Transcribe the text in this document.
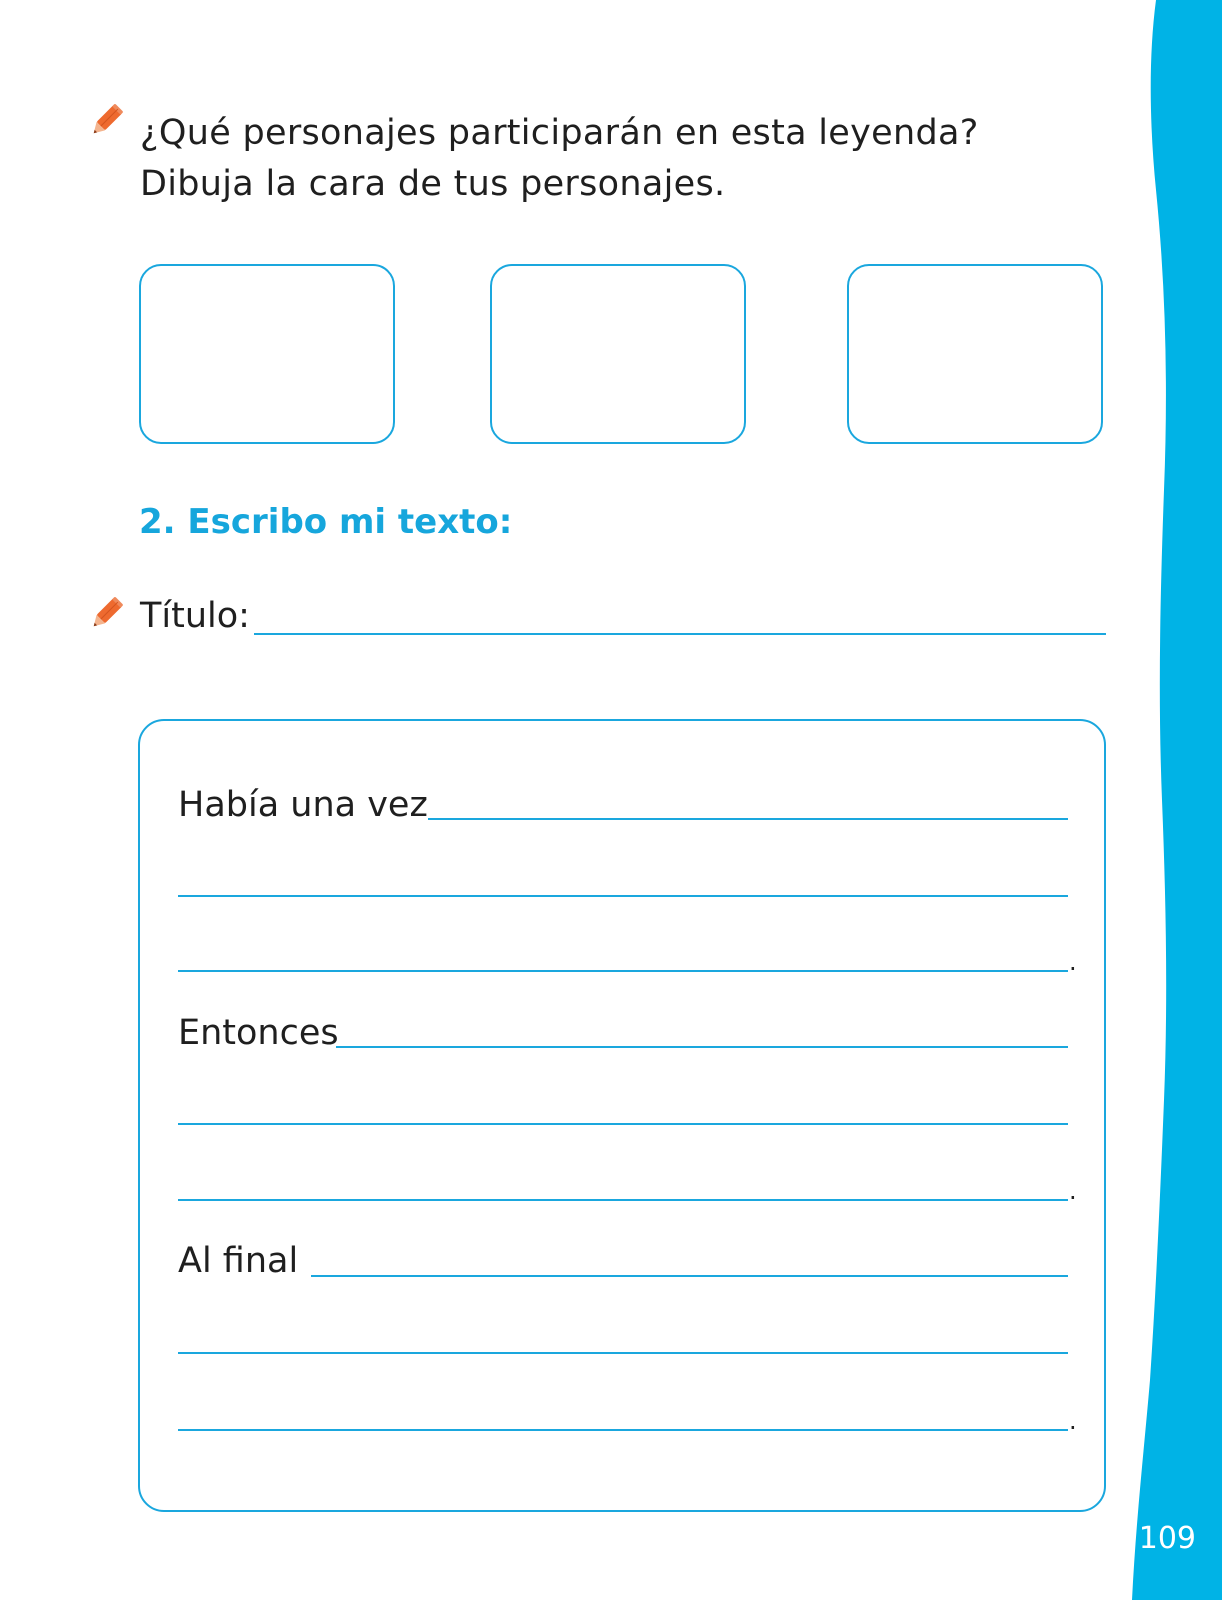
¿Qué personajes participarán en esta leyenda?
Dibuja la cara de tus personajes.
2. Escribo mi texto:
Título:
Había una vez
.
Entonces
.
Al final
.
109
